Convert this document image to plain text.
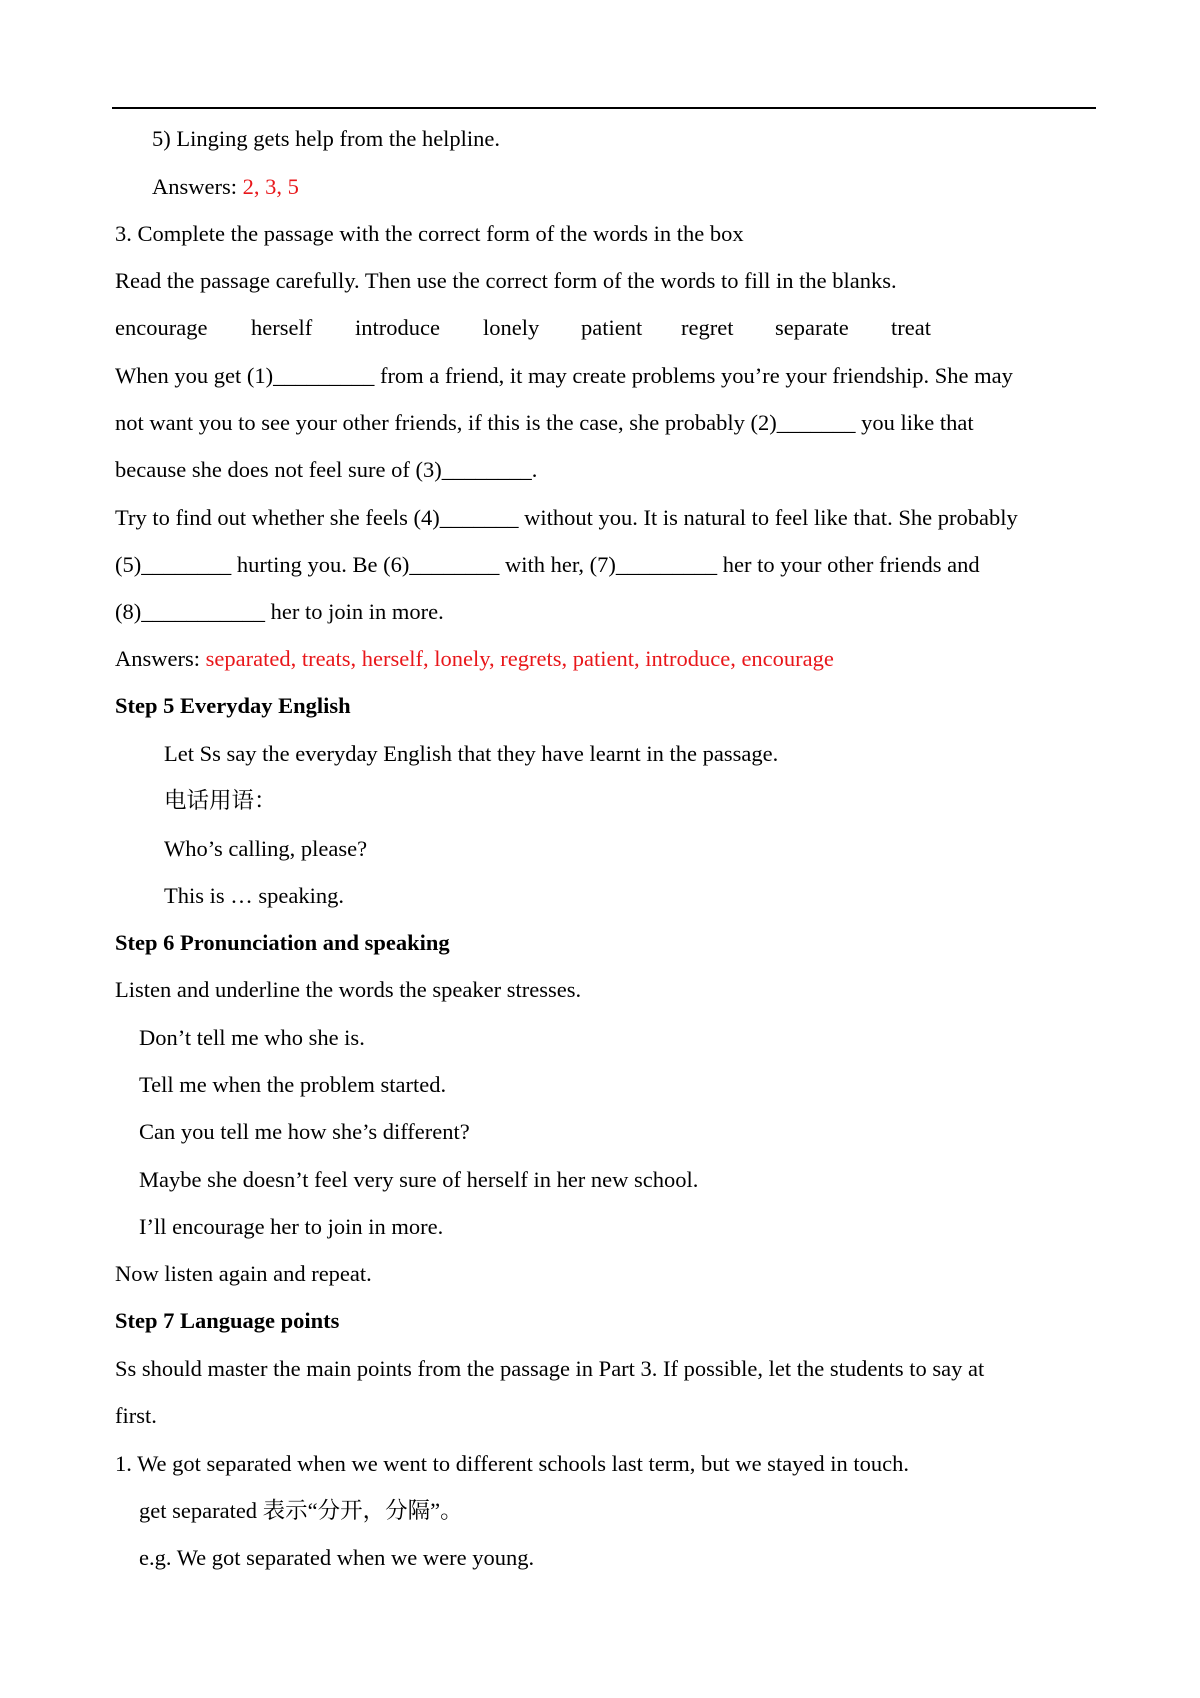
5) Linging gets help from the helpline.
Answers: 2, 3, 5
3. Complete the passage with the correct form of the words in the box
Read the passage carefully. Then use the correct form of the words to fill in the blanks.
encourage herself introduce lonely patient regret separate treat
When you get (1)_________ from a friend, it may create problems you’re your friendship. She may
not want you to see your other friends, if this is the case, she probably (2)_______ you like that
because she does not feel sure of (3)________.
Try to find out whether she feels (4)_______ without you. It is natural to feel like that. She probably
(5)________ hurting you. Be (6)________ with her, (7)_________ her to your other friends and
(8)___________ her to join in more.
Answers: separated, treats, herself, lonely, regrets, patient, introduce, encourage
Step 5 Everyday English
Let Ss say the everyday English that they have learnt in the passage.
电话用语：
Who’s calling, please?
This is … speaking.
Step 6 Pronunciation and speaking
Listen and underline the words the speaker stresses.
Don’t tell me who she is.
Tell me when the problem started.
Can you tell me how she’s different?
Maybe she doesn’t feel very sure of herself in her new school.
I’ll encourage her to join in more.
Now listen again and repeat.
Step 7 Language points
Ss should master the main points from the passage in Part 3. If possible, let the students to say at
first.
1. We got separated when we went to different schools last term, but we stayed in touch.
get separated 表示“分开，分隔”。
e.g. We got separated when we were young.
